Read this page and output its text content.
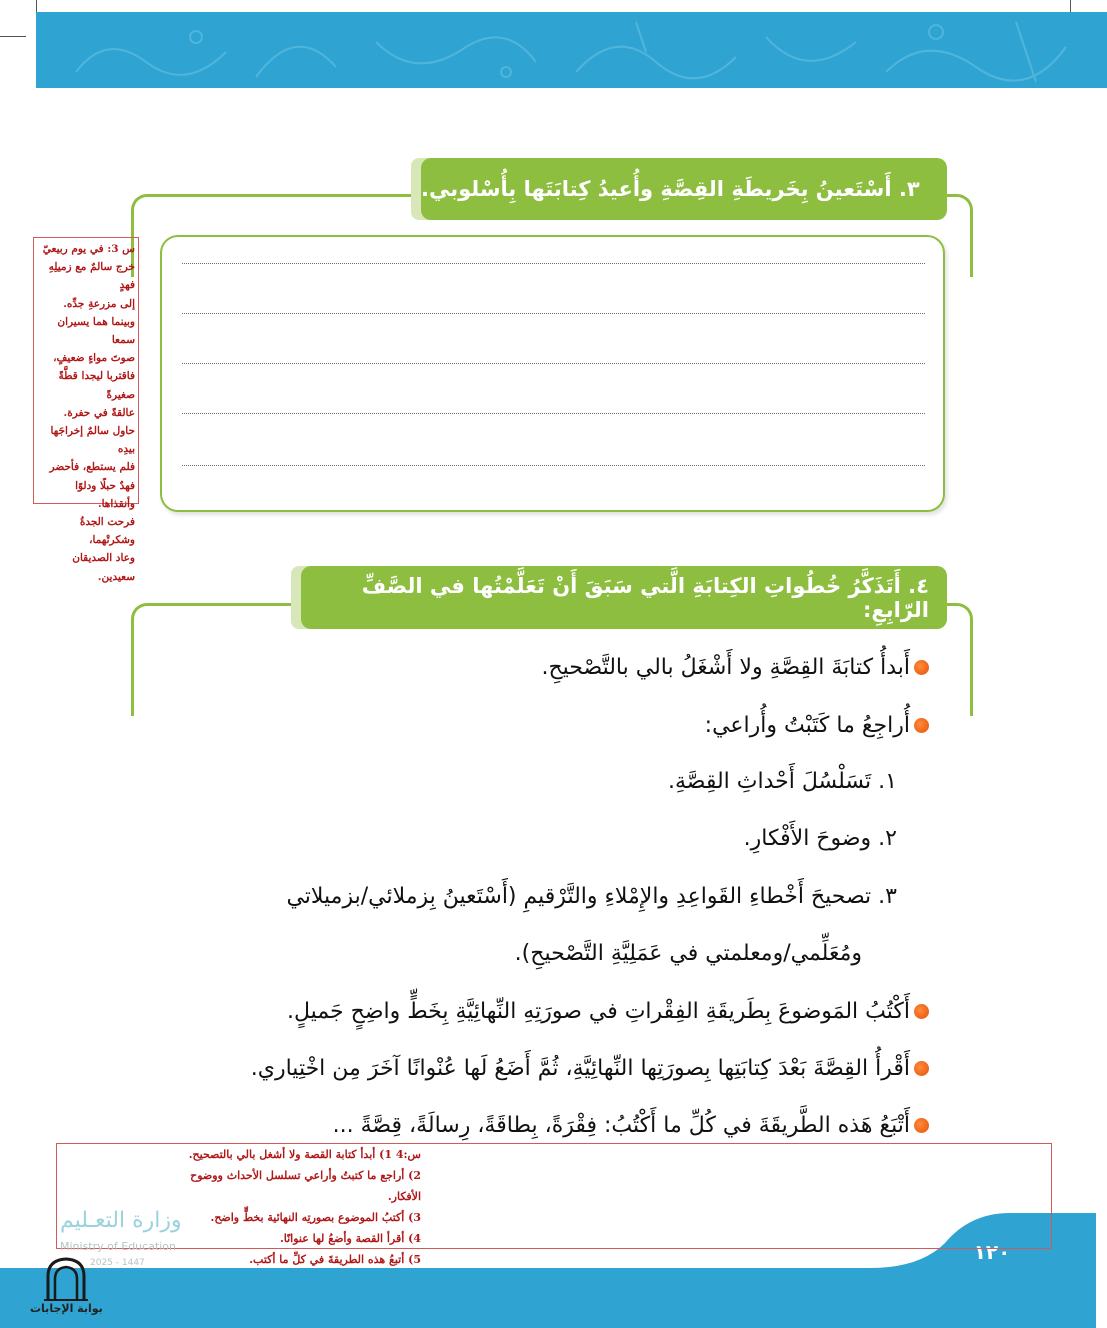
٣. أَسْتَعينُ بِخَريطَةِ القِصَّةِ وأُعيدُ كِتابَتَها بِأُسْلوبي.
س 3: في يوم ربيعيّ
خرج سالمٌ مع زميلِهِ فهدٍ
إلى مزرعةِ جدِّه.
وبينما هما يسيران سمعا
صوتَ مواءٍ ضعيفٍ،
فاقتربا ليجدا قطَّةً صغيرةً
عالقةً في حفرة.
حاول سالمٌ إخراجَها بيدِه
فلم يستطع، فأحضر
فهدٌ حبلًا ودلوًا
وأنقذاها.
فرحت الجدةُ وشكرتْهما،
وعاد الصديقان
سعيدين.	٤. أَتَذَكَّرُ خُطُواتِ الكِتابَةِ الَّتي سَبَقَ أَنْ تَعَلَّمْتُها في الصَّفِّ الرّابِعِ:
أَبدأُ كتابَةَ القِصَّةِ ولا أَشْغَلُ بالي بالتَّصْحيحِ.
أُراجِعُ ما كَتَبْتُ وأُراعي:
١. تَسَلْسُلَ أَحْداثِ القِصَّةِ.
٢. وضوحَ الأَفْكارِ.
٣. تصحيحَ أَخْطاءِ القَواعِدِ والإِمْلاءِ والتَّرْقيمِ (أَسْتَعينُ بِزملائي/بزميلاتي
ومُعَلِّمي/ومعلمتي في عَمَلِيَّةِ التَّصْحيحِ).
أَكْتُبُ المَوضوعَ بِطَريقَةِ الفِقْراتِ في صورَتِهِ النِّهائِيَّةِ بِخَطٍّ واضِحٍ جَميلٍ.
أَقْرأُ القِصَّةَ بَعْدَ كِتابَتِها بِصورَتِها النِّهائِيَّةِ، ثُمَّ أَضَعُ لَها عُنْوانًا آخَرَ مِن اخْتِياري.
أَتْبَعُ هَذه الطَّريقَةَ في كُلِّ ما أَكْتُبُ: فِقْرَةً، بِطاقَةً، رِسالَةً، قِصَّةً ...
١٢٠
س:4 1) أبدأ كتابة القصة ولا أشغل بالي بالتصحيح.
2) أراجع ما كتبتُ وأراعي تسلسل الأحداث ووضوح الأفكار.
3) أكتبُ الموضوع بصورتِه النهائية بخطٍّ واضح.
4) أقرأ القصة وأضعُ لها عنوانًا.
5) أتبعُ هذه الطريقةَ في كلِّ ما أكتب.
وزارة التعـليم
Ministry of Education
2025 - 1447
بوابة الإجابات
